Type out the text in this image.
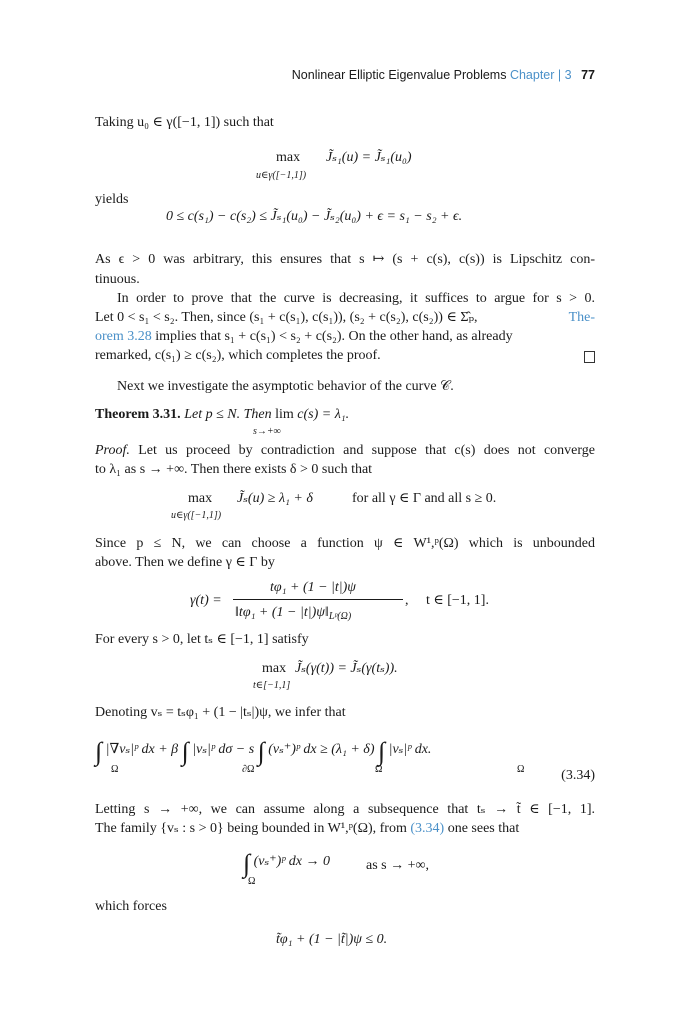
Nonlinear Elliptic Eigenvalue Problems Chapter | 3 77
Taking u₀ ∈ γ([−1, 1]) such that
max
u∈γ([−1,1])
J̃ₛ₁(u) = J̃ₛ₁(u₀)
yields
0 ≤ c(s₁) − c(s₂) ≤ J̃ₛ₁(u₀) − J̃ₛ₂(u₀) + ϵ = s₁ − s₂ + ϵ.
As ϵ > 0 was arbitrary, this ensures that s ↦ (s + c(s), c(s)) is Lipschitz con-
tinuous.
In order to prove that the curve is decreasing, it suffices to argue for s > 0.
Let 0 < s₁ < s₂. Then, since (s₁ + c(s₁), c(s₁)), (s₂ + c(s₂), c(s₂)) ∈ Σ̂ₚ,	The-
orem 3.28 implies that s₁ + c(s₁) < s₂ + c(s₂). On the other hand, as already
remarked, c(s₁) ≥ c(s₂), which completes the proof.
Next we investigate the asymptotic behavior of the curve 𝒞.
Theorem 3.31. Let p ≤ N. Then lim c(s) = λ₁.
s→+∞
Proof. Let us proceed by contradiction and suppose that c(s) does not converge
to λ₁ as s → +∞. Then there exists δ > 0 such that
max
u∈γ([−1,1])
J̃ₛ(u) ≥ λ₁ + δ	for all γ ∈ Γ and all s ≥ 0.
Since p ≤ N, we can choose a function ψ ∈ W¹,ᵖ(Ω) which is unbounded
above. Then we define γ ∈ Γ by
γ(t) =
tφ₁ + (1 − |t|)ψ
‖tφ₁ + $(1 - |t|)\psi‖_{Lᵖ(\Omega)}$
,     t ∈ [−1, 1].
For every s > 0, let tₛ ∈ [−1, 1] satisfy
max
t∈[−1,1]
J̃ₛ(γ(t)) = J̃ₛ(γ(tₛ)).
Denoting vₛ = tₛφ₁ + (1 − |tₛ|)ψ, we infer that
∫ |∇vₛ|ᵖ dx + β ∫ |vₛ|ᵖ dσ − s ∫ (vₛ⁺)ᵖ dx ≥ (λ₁ + δ) ∫ |vₛ|ᵖ dx.
Ω	∂Ω	Ω	Ω	(3.34)
Letting s → +∞, we can assume along a subsequence that tₛ → t̃ ∈ [−1, 1].
The family {vₛ : s > 0} being bounded in W¹,ᵖ(Ω), from (3.34) one sees that
∫ (vₛ⁺)ᵖ dx → 0
Ω
as s → +∞,
which forces
t̃φ₁ + (1 − |t̃|)ψ ≤ 0.
